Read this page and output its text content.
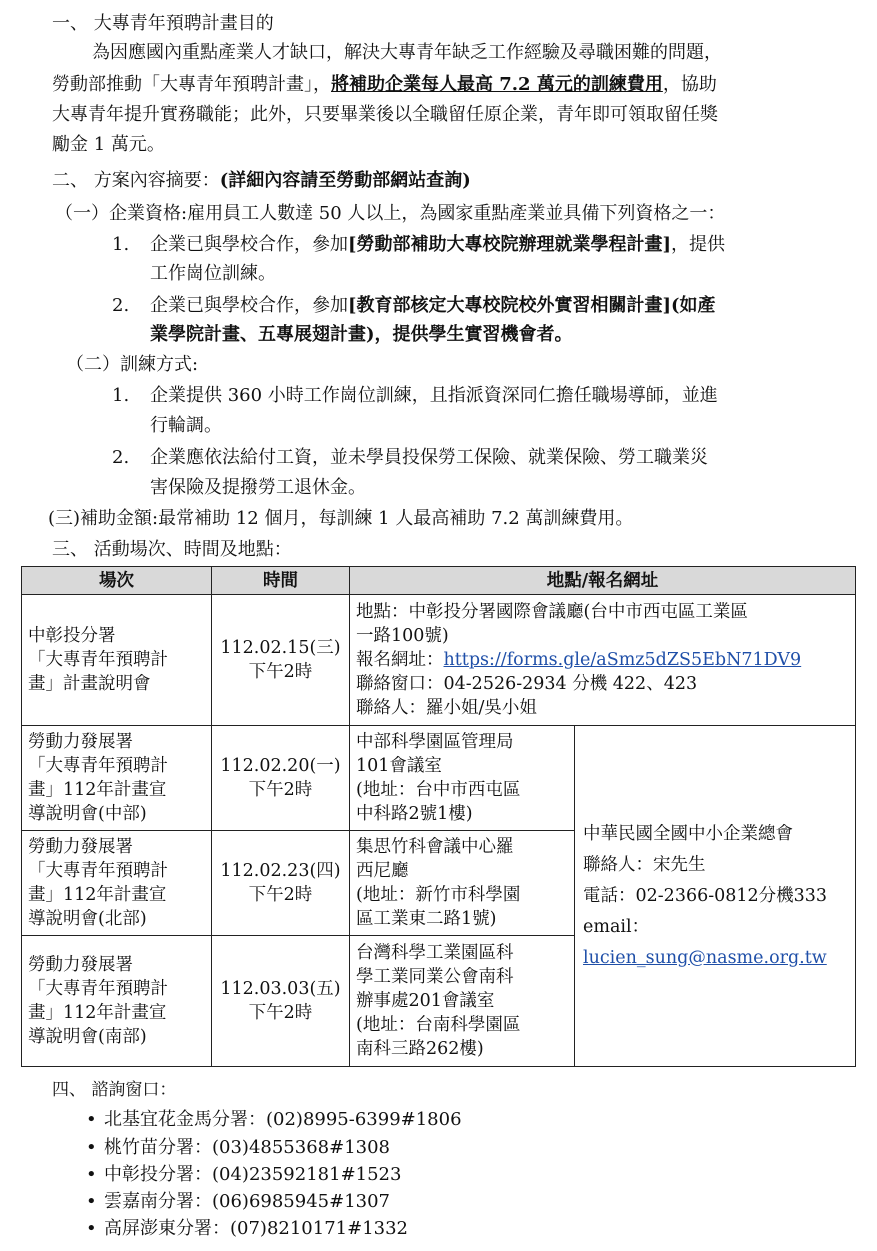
一、 大專青年預聘計畫目的
為因應國內重點產業人才缺口，解決大專青年缺乏工作經驗及尋職困難的問題，
勞動部推動「大專青年預聘計畫」，將補助企業每人最高 7.2 萬元的訓練費用，協助
大專青年提升實務職能；此外，只要畢業後以全職留任原企業，青年即可領取留任獎
勵金 1 萬元。
二、 方案內容摘要：(詳細內容請至勞動部網站查詢)
（一）企業資格:雇用員工人數達 50 人以上，為國家重點產業並具備下列資格之一：
1. 企業已與學校合作，參加[勞動部補助大專校院辦理就業學程計畫]，提供
工作崗位訓練。
2. 企業已與學校合作，參加[教育部核定大專校院校外實習相關計畫](如產
業學院計畫、五專展翅計畫)，提供學生實習機會者。
（二）訓練方式:
1. 企業提供 360 小時工作崗位訓練，且指派資深同仁擔任職場導師，並進
行輪調。
2. 企業應依法給付工資，並未學員投保勞工保險、就業保險、勞工職業災
害保險及提撥勞工退休金。
(三)補助金額:最常補助 12 個月，每訓練 1 人最高補助 7.2 萬訓練費用。
三、 活動場次、時間及地點：
場次	時間	地點/報名網址	

中彰投分署
「大專青年預聘計
畫」計畫說明會	112.02.15(三)
下午2時	地點：中彰投分署國際會議廳(台中市西屯區工業區
一路100號)
報名網址：https://forms.gle/aSmz5dZS5EbN71DV9
聯絡窗口：04-2526-2934 分機 422、423
聯絡人：羅小姐/吳小姐	

勞動力發展署
「大專青年預聘計
畫」112年計畫宣
導說明會(中部)	112.02.20(一)
下午2時	中部科學園區管理局
101會議室
(地址：台中市西屯區
中科路2號1樓)	中華民國全國中小企業總會
聯絡人：宋先生
電話：02-2366-0812分機333
email：
lucien_sung@nasme.org.tw

勞動力發展署
「大專青年預聘計
畫」112年計畫宣
導說明會(北部)	112.02.23(四)
下午2時	集思竹科會議中心羅
西尼廳
(地址：新竹市科學園
區工業東二路1號)	

勞動力發展署
「大專青年預聘計
畫」112年計畫宣
導說明會(南部)	112.03.03(五)
下午2時	台灣科學工業園區科
學工業同業公會南科
辦事處201會議室
(地址：台南科學園區
南科三路262樓)	
四、 諮詢窗口：
• 北基宜花金馬分署：(02)8995-6399#1806
• 桃竹苗分署：(03)4855368#1308
• 中彰投分署：(04)23592181#1523
• 雲嘉南分署：(06)6985945#1307
• 高屏澎東分署：(07)8210171#1332
